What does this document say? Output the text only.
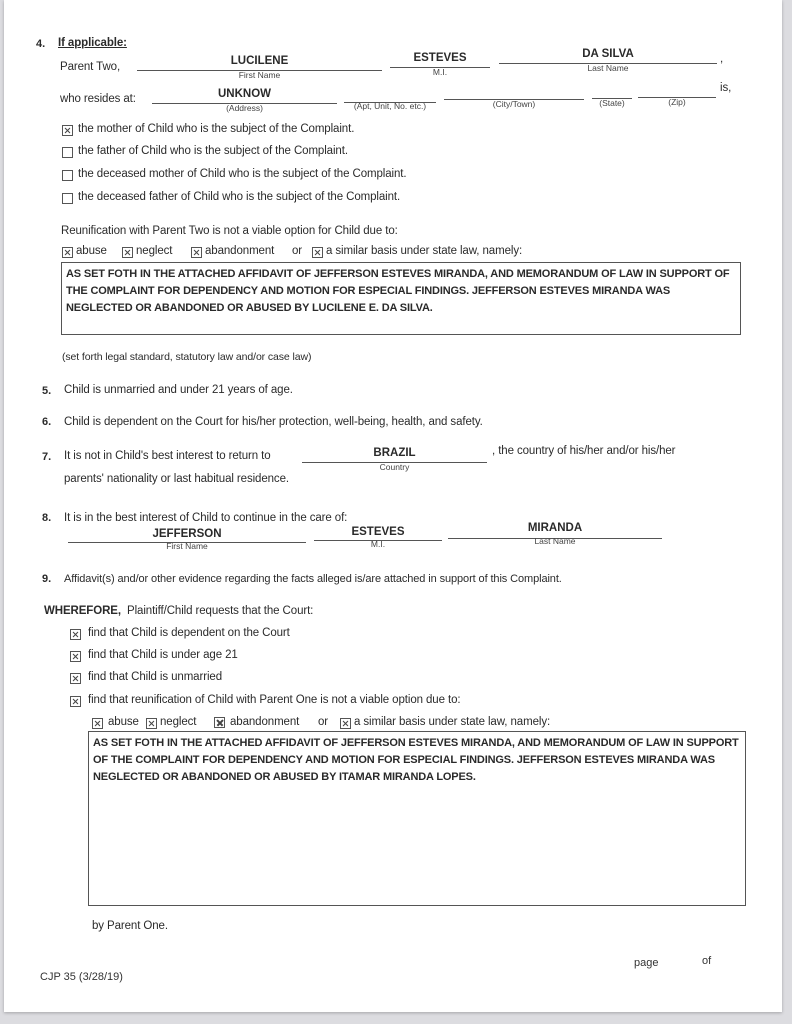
4. If applicable:
Parent Two,	LUCILENE
First Name
ESTEVES
M.I.
DA SILVA
Last Name
,
who resides at:	UNKNOW
(Address)	(Apt, Unit, No. etc.)	(City/Town)	(State)	(Zip)
is,
the mother of Child who is the subject of the Complaint.
the father of Child who is the subject of the Complaint.
the deceased mother of Child who is the subject of the Complaint.
the deceased father of Child who is the subject of the Complaint.
Reunification with Parent Two is not a viable option for Child due to:
abuse	neglect	abandonment or a similar basis under state law, namely:
AS SET FOTH IN THE ATTACHED AFFIDAVIT OF JEFFERSON ESTEVES MIRANDA, AND MEMORANDUM OF LAW IN SUPPORT OF THE COMPLAINT FOR DEPENDENCY AND MOTION FOR ESPECIAL FINDINGS. JEFFERSON ESTEVES MIRANDA WAS NEGLECTED OR ABANDONED OR ABUSED BY LUCILENE E. DA SILVA.
(set forth legal standard, statutory law and/or case law)
5. Child is unmarried and under 21 years of age.
6. Child is dependent on the Court for his/her protection, well-being, health, and safety.
7. It is not in Child's best interest to return to	BRAZIL
Country
, the country of his/her and/or his/her
parents' nationality or last habitual residence.
8. It is in the best interest of Child to continue in the care of:
JEFFERSON
First Name
ESTEVES
M.I.
MIRANDA
Last Name
9. Affidavit(s) and/or other evidence regarding the facts alleged is/are attached in support of this Complaint.
WHEREFORE, Plaintiff/Child requests that the Court:
find that Child is dependent on the Court
find that Child is under age 21
find that Child is unmarried
find that reunification of Child with Parent One is not a viable option due to:
abuse neglect	abandonment or a similar basis under state law, namely:
AS SET FOTH IN THE ATTACHED AFFIDAVIT OF JEFFERSON ESTEVES MIRANDA, AND MEMORANDUM OF LAW IN SUPPORT OF THE COMPLAINT FOR DEPENDENCY AND MOTION FOR ESPECIAL FINDINGS. JEFFERSON ESTEVES MIRANDA WAS NEGLECTED OR ABANDONED OR ABUSED BY ITAMAR MIRANDA LOPES.
by Parent One.
CJP 35 (3/28/19)
page	of
